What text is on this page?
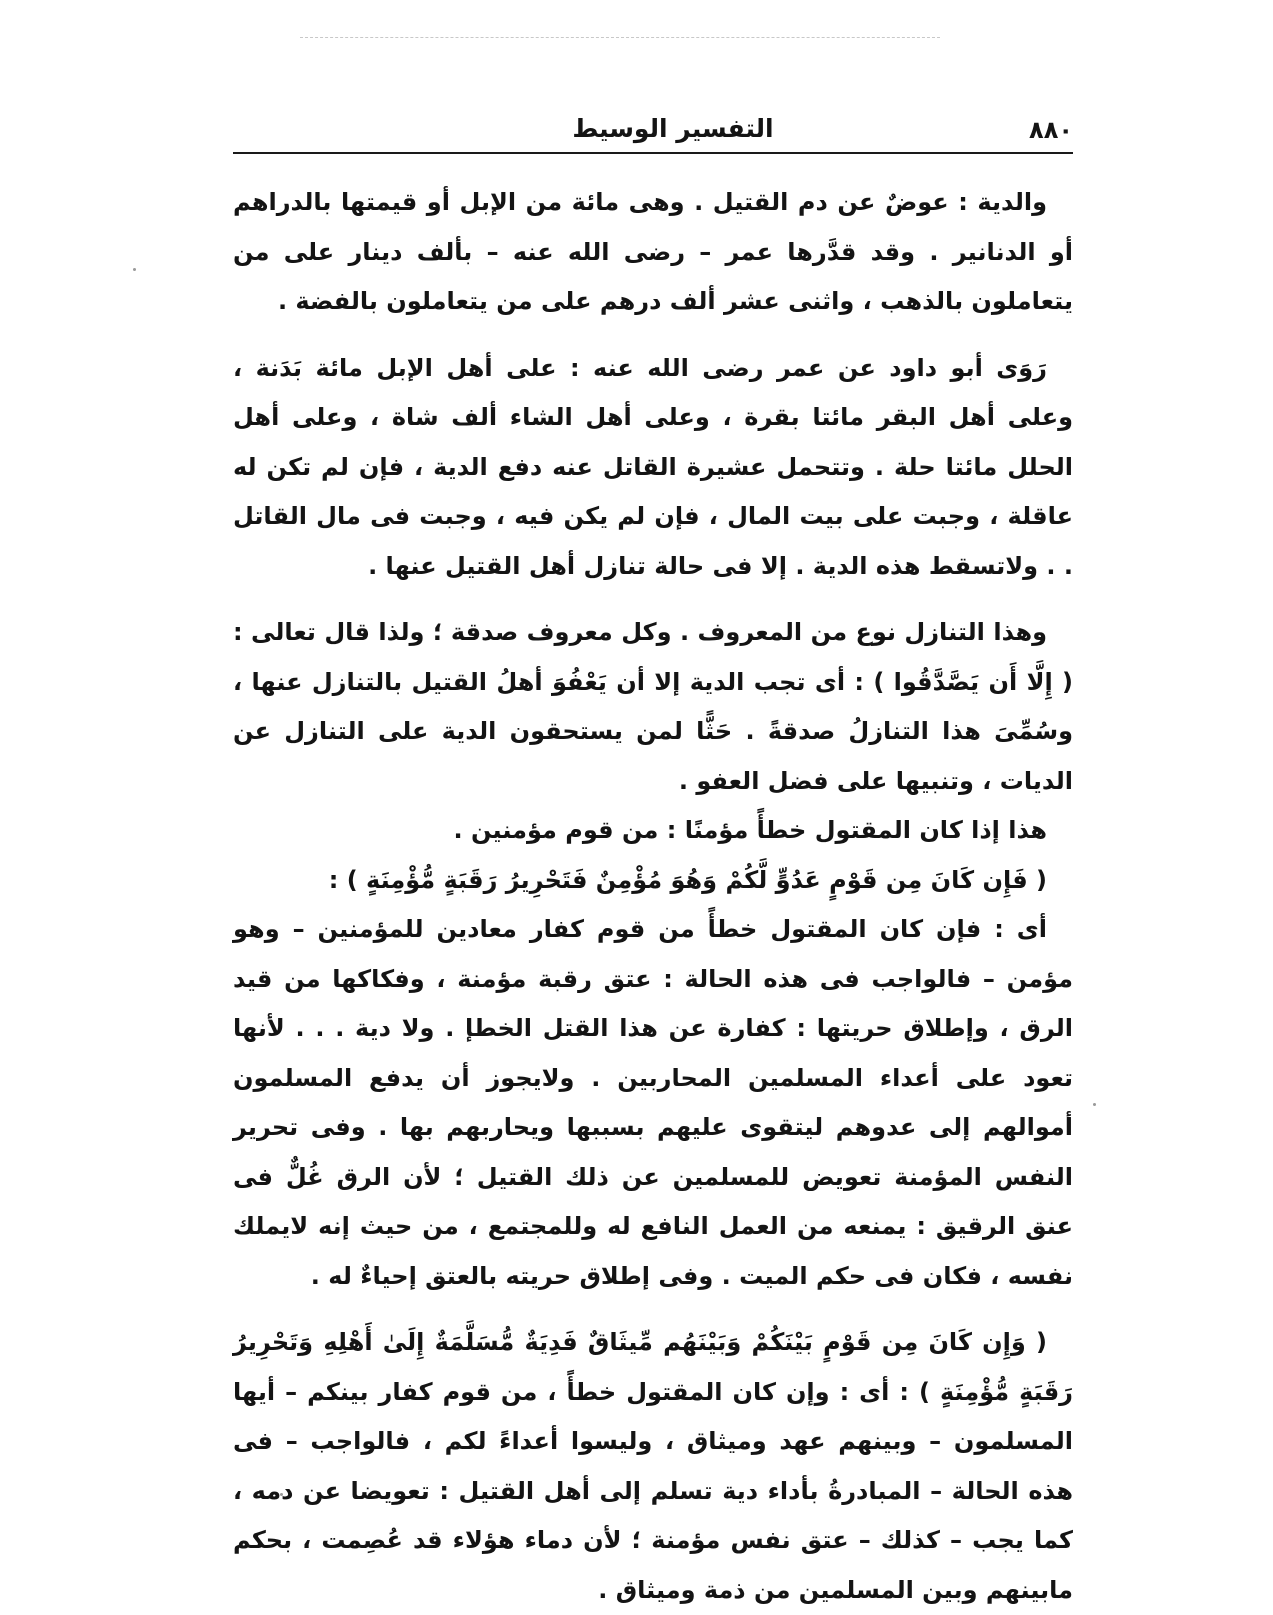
٨٨٠
التفسير الوسيط

والدية : عوضٌ عن دم القتيل . وهى مائة من الإبل أو قيمتها بالدراهم أو الدنانير . وقد قدَّرها عمر – رضى الله عنه – بألف دينار على من يتعاملون بالذهب ، واثنى عشر ألف درهم على من يتعاملون بالفضة .

رَوَى أبو داود عن عمر رضى الله عنه : على أهل الإبل مائة بَدَنة ، وعلى أهل البقر مائتا بقرة ، وعلى أهل الشاء ألف شاة ، وعلى أهل الحلل مائتا حلة . وتتحمل عشيرة القاتل عنه دفع الدية ، فإن لم تكن له عاقلة ، وجبت على بيت المال ، فإن لم يكن فيه ، وجبت فى مال القاتل . . ولاتسقط هذه الدية . إلا فى حالة تنازل أهل القتيل عنها .

وهذا التنازل نوع من المعروف . وكل معروف صدقة ؛ ولذا قال تعالى : ( إِلَّا أَن يَصَّدَّقُوا ) : أى تجب الدية إلا أن يَعْفُوَ أهلُ القتيل بالتنازل عنها ، وسُمِّىَ هذا التنازلُ صدقةً . حَثًّا لمن يستحقون الدية على التنازل عن الديات ، وتنبيها على فضل العفو .

هذا إذا كان المقتول خطأً مؤمنًا : من قوم مؤمنين .

( فَإِن كَانَ مِن قَوْمٍ عَدُوٍّ لَّكُمْ وَهُوَ مُؤْمِنٌ فَتَحْرِيرُ رَقَبَةٍ مُّؤْمِنَةٍ ) :

أى : فإن كان المقتول خطأً من قوم كفار معادين للمؤمنين – وهو مؤمن – فالواجب فى هذه الحالة : عتق رقبة مؤمنة ، وفكاكها من قيد الرق ، وإطلاق حريتها : كفارة عن هذا القتل الخطإ . ولا دية . . . لأنها تعود على أعداء المسلمين المحاربين . ولايجوز أن يدفع المسلمون أموالهم إلى عدوهم ليتقوى عليهم بسببها ويحاربهم بها . وفى تحرير النفس المؤمنة تعويض للمسلمين عن ذلك القتيل ؛ لأن الرق غُلٌّ فى عنق الرقيق : يمنعه من العمل النافع له وللمجتمع ، من حيث إنه لايملك نفسه ، فكان فى حكم الميت . وفى إطلاق حريته بالعتق إحياءٌ له .

( وَإِن كَانَ مِن قَوْمٍ بَيْنَكُمْ وَبَيْنَهُم مِّيثَاقٌ فَدِيَةٌ مُّسَلَّمَةٌ إِلَىٰ أَهْلِهِ وَتَحْرِيرُ رَقَبَةٍ مُّؤْمِنَةٍ ) : أى : وإن كان المقتول خطأً ، من قوم كفار بينكم – أيها المسلمون – وبينهم عهد وميثاق ، وليسوا أعداءً لكم ، فالواجب – فى هذه الحالة – المبادرةُ بأداء دية تسلم إلى أهل القتيل : تعويضا عن دمه ، كما يجب – كذلك – عتق نفس مؤمنة ؛ لأن دماء هؤلاء قد عُصِمت ، بحكم مابينهم وبين المسلمين من ذمة وميثاق .
